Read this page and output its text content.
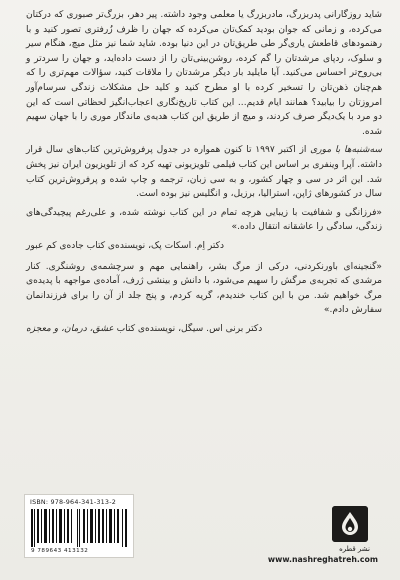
شاید روزگارانی پدربزرگ، مادربزرگ یا معلمی وجود داشته. پیر دهر، بزرگ‌تر صبوری که درکتان می‌کرده، و زمانی که جوان بودید کمک‌تان می‌کرده که جهان را ظرف زُرفتری تصور کنید و با رهنمودهای قاطعش یاری‌گر طی طریق‌تان در این دنیا بوده. شاید شما نیز مثل میچ، هنگام سیر و سلوک، ردپای مرشدتان را گم کرده، روشن‌بینی‌تان را از دست داده‌اید، و جهان را سردتر و بی‌روح‌تر احساس می‌کنید. آیا مایلید بار دیگر مرشدتان را ملاقات کنید، سؤالات مهم‌تری را که هم‌چنان ذهن‌تان را تسخیر کرده با او مطرح کنید و کلید حل مشکلات زندگی سرسام‌آور امروزتان را بیابید؟ همانند ایام قدیم... این کتاب تاریخ‌نگاری اعجاب‌انگیز لحظاتی است که این دو مرد با یک‌دیگر صرف کردند، و میچ از طریق این کتاب هدیه‌ی ماندگار موری را با جهان سهیم شده.

سه‌شنبه‌ها با موری از اکتبر ۱۹۹۷ تا کنون همواره در جدول پرفروش‌ترین کتاب‌های سال قرار داشته. آپرا وینفری بر اساس این کتاب فیلمی تلویزیونی تهیه کرد که از تلویزیون ایران نیز پخش شد. این اثر در سی و چهار کشور، و به سی زبان، ترجمه و چاپ شده و پرفروش‌ترین کتاب سال در کشورهای ژاپن، استرالیا، برزیل، و انگلیس نیز بوده است.

«فرزانگی و شفافیت با زیبایی هرچه تمام در این کتاب نوشته شده، و علی‌رغم پیچیدگی‌های زندگی، سادگی را عاشقانه انتقال داده.»

دکتر اِم. اسکات پک، نویسنده‌ی کتاب جاده‌ی کم عبور

«گنجینه‌ای باورنکردنی، درکی از مرگ بشر، راهنمایی مهم و سرچشمه‌ی روشنگری. کنار مرشدی که تجربه‌ی مرگش را سهیم می‌شود، با دانش و بینشی ژرف، آماده‌ی مواجهه با پدیده‌ی مرگ خواهیم شد. من با این کتاب خندیدم، گریه کردم، و پنج جلد از آن را برای فرزندانمان سفارش دادم.»

دکتر برنی اس. سیگل، نویسنده‌ی کتاب عشق، درمان، و معجزه
ISBN: 978-964-341-313-2
9 789643 413132	نشر قطره
www.nashreghatreh.com
